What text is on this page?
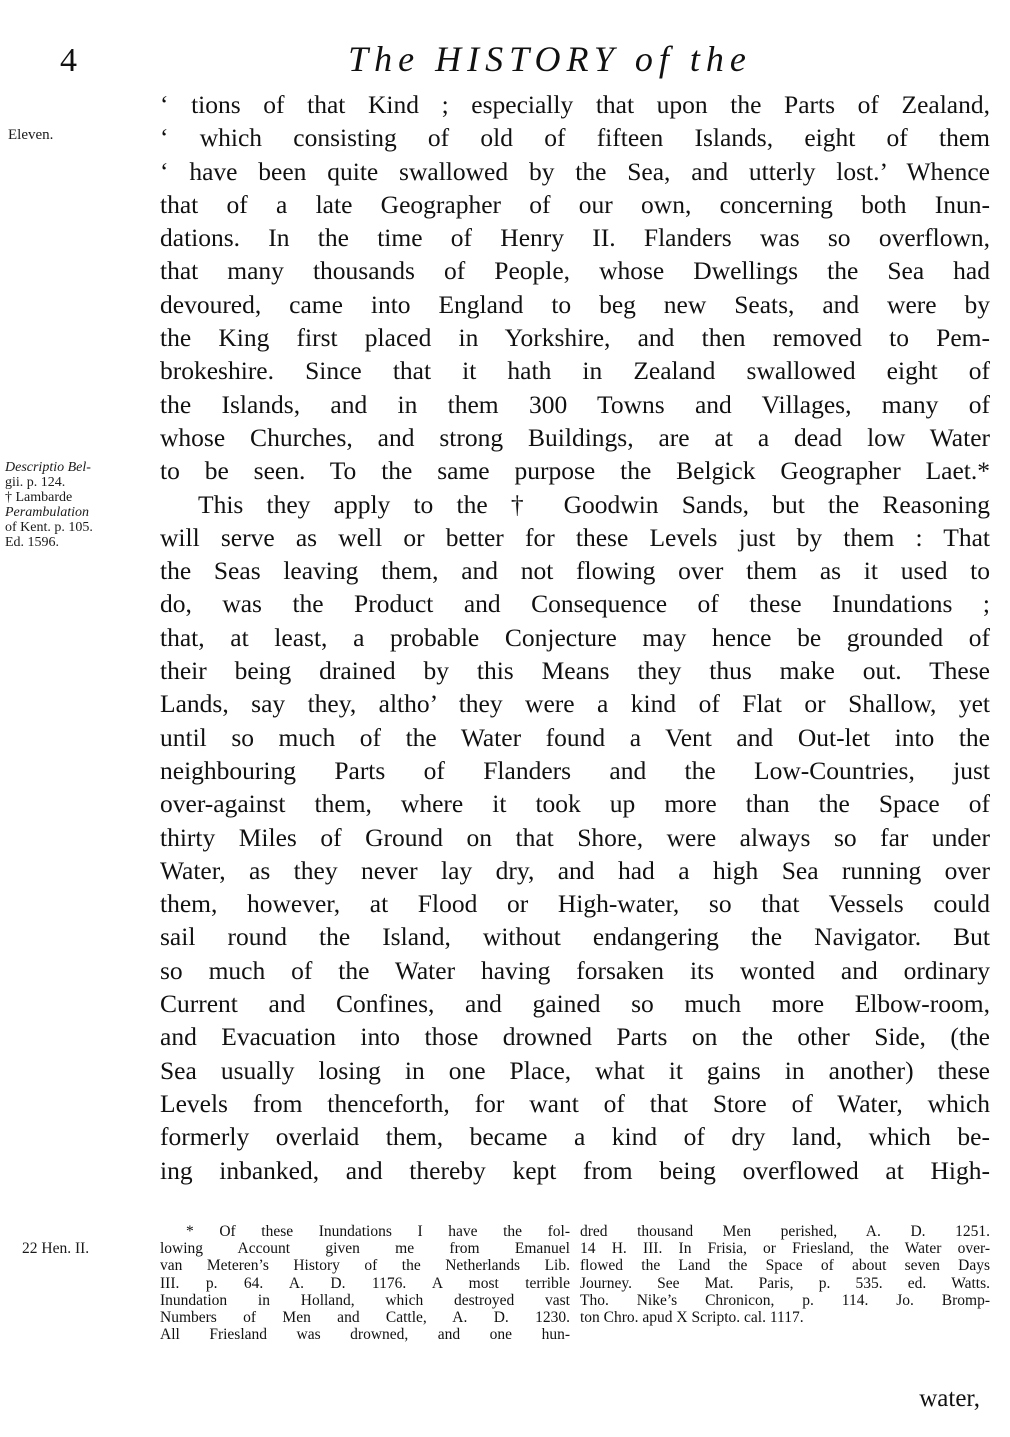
4	The HISTORY of the
Eleven.
Descriptio Bel-
gii. p. 124.
† Lambarde
Perambulation
of Kent. p. 105.
Ed. 1596.
22 Hen. II.
‘ tions of that Kind ; especially that upon the Parts of Zealand,
‘ which consisting of old of fifteen Islands, eight of them
‘ have been quite swallowed by the Sea, and utterly lost.’ Whence
that of a late Geographer of our own, concerning both Inun-
dations. In the time of Henry II. Flanders was so overflown,
that many thousands of People, whose Dwellings the Sea had
devoured, came into England to beg new Seats, and were by
the King first placed in Yorkshire, and then removed to Pem-
brokeshire. Since that it hath in Zealand swallowed eight of
the Islands, and in them 300 Towns and Villages, many of
whose Churches, and strong Buildings, are at a dead low Water
to be seen. To the same purpose the Belgick Geographer Laet.*
This they apply to the † Goodwin Sands, but the Reasoning
will serve as well or better for these Levels just by them : That
the Seas leaving them, and not flowing over them as it used to
do, was the Product and Consequence of these Inundations ;
that, at least, a probable Conjecture may hence be grounded of
their being drained by this Means they thus make out. These
Lands, say they, altho’ they were a kind of Flat or Shallow, yet
until so much of the Water found a Vent and Out-let into the
neighbouring Parts of Flanders and the Low-Countries, just
over-against them, where it took up more than the Space of
thirty Miles of Ground on that Shore, were always so far under
Water, as they never lay dry, and had a high Sea running over
them, however, at Flood or High-water, so that Vessels could
sail round the Island, without endangering the Navigator. But
so much of the Water having forsaken its wonted and ordinary
Current and Confines, and gained so much more Elbow-room,
and Evacuation into those drowned Parts on the other Side, (the
Sea usually losing in one Place, what it gains in another) these
Levels from thenceforth, for want of that Store of Water, which
formerly overlaid them, became a kind of dry land, which be-
ing inbanked, and thereby kept from being overflowed at High-
* Of these Inundations I have the fol-
lowing Account given me from Emanuel
van Meteren’s History of the Netherlands Lib.
III. p. 64. A. D. 1176. A most terrible
Inundation in Holland, which destroyed vast
Numbers of Men and Cattle, A. D. 1230.
All Friesland was drowned, and one hun-
dred thousand Men perished, A. D. 1251.
14 H. III. In Frisia, or Friesland, the Water over-
flowed the Land the Space of about seven Days
Journey. See Mat. Paris, p. 535. ed. Watts.
Tho. Nike’s Chronicon, p. 114. Jo. Bromp-
ton Chro. apud X Scripto. cal. 1117.
water,
